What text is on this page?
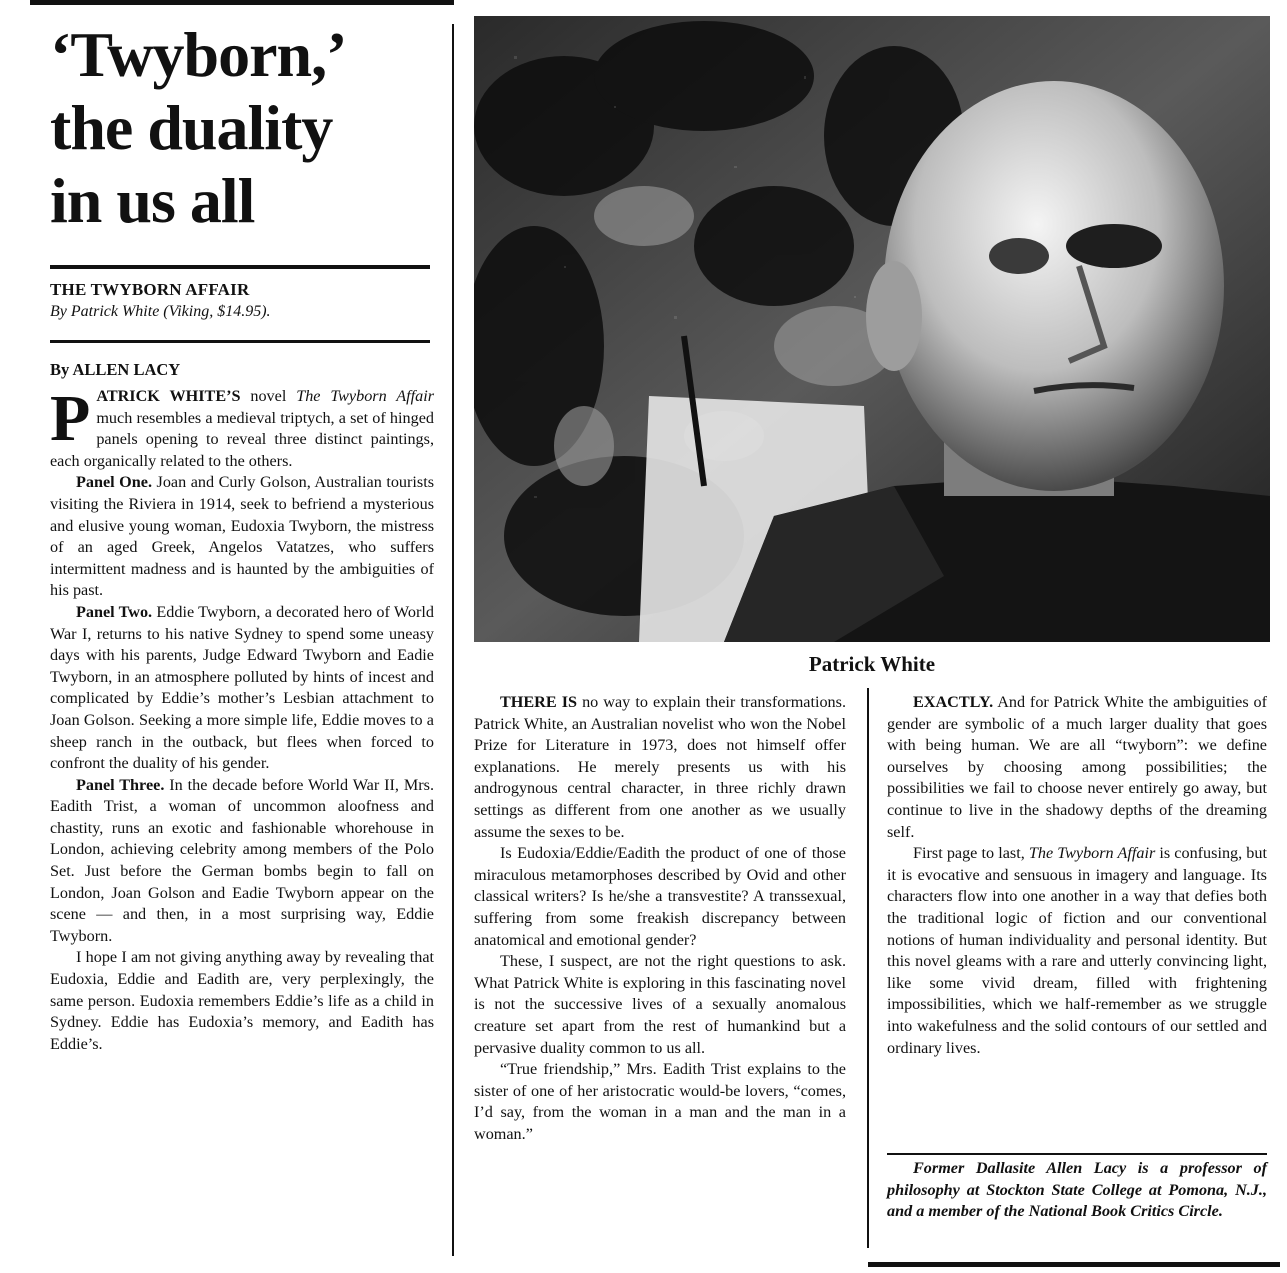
‘Twyborn,’
the duality
in us all
THE TWYBORN AFFAIR
By Patrick White (Viking, $14.95).
By ALLEN LACY

PATRICK WHITE’S novel The Twyborn Affair much resembles a medieval triptych, a set of hinged panels opening to reveal three distinct paintings, each organically related to the others.

Panel One. Joan and Curly Golson, Australian tourists visiting the Riviera in 1914, seek to befriend a mysterious and elusive young woman, Eudoxia Twyborn, the mistress of an aged Greek, Angelos Vatatzes, who suffers intermittent madness and is haunted by the ambiguities of his past.

Panel Two. Eddie Twyborn, a decorated hero of World War I, returns to his native Sydney to spend some uneasy days with his parents, Judge Edward Twyborn and Eadie Twyborn, in an atmosphere polluted by hints of incest and complicated by Eddie’s mother’s Lesbian attachment to Joan Golson. Seeking a more simple life, Eddie moves to a sheep ranch in the outback, but flees when forced to confront the duality of his gender.

Panel Three. In the decade before World War II, Mrs. Eadith Trist, a woman of uncommon aloofness and chastity, runs an exotic and fashionable whorehouse in London, achieving celebrity among members of the Polo Set. Just before the German bombs begin to fall on London, Joan Golson and Eadie Twyborn appear on the scene — and then, in a most surprising way, Eddie Twyborn.

I hope I am not giving anything away by revealing that Eudoxia, Eddie and Eadith are, very perplexingly, the same person. Eudoxia remembers Eddie’s life as a child in Sydney. Eddie has Eudoxia’s memory, and Eadith has Eddie’s.

Patrick White

THERE IS no way to explain their transformations. Patrick White, an Australian novelist who won the Nobel Prize for Literature in 1973, does not himself offer explanations. He merely presents us with his androgynous central character, in three richly drawn settings as different from one another as we usually assume the sexes to be.

Is Eudoxia/Eddie/Eadith the product of one of those miraculous metamorphoses described by Ovid and other classical writers? Is he/she a transvestite? A transsexual, suffering from some freakish discrepancy between anatomical and emotional gender?

These, I suspect, are not the right questions to ask. What Patrick White is exploring in this fascinating novel is not the successive lives of a sexually anomalous creature set apart from the rest of humankind but a pervasive duality common to us all.

“True friendship,” Mrs. Eadith Trist explains to the sister of one of her aristocratic would-be lovers, “comes, I’d say, from the woman in a man and the man in a woman.”

EXACTLY. And for Patrick White the ambiguities of gender are symbolic of a much larger duality that goes with being human. We are all “twyborn”: we define ourselves by choosing among possibilities; the possibilities we fail to choose never entirely go away, but continue to live in the shadowy depths of the dreaming self.

First page to last, The Twyborn Affair is confusing, but it is evocative and sensuous in imagery and language. Its characters flow into one another in a way that defies both the traditional logic of fiction and our conventional notions of human individuality and personal identity. But this novel gleams with a rare and utterly convincing light, like some vivid dream, filled with frightening impossibilities, which we half-remember as we struggle into wakefulness and the solid contours of our settled and ordinary lives.

Former Dallasite Allen Lacy is a professor of philosophy at Stockton State College at Pomona, N.J., and a member of the National Book Critics Circle.
